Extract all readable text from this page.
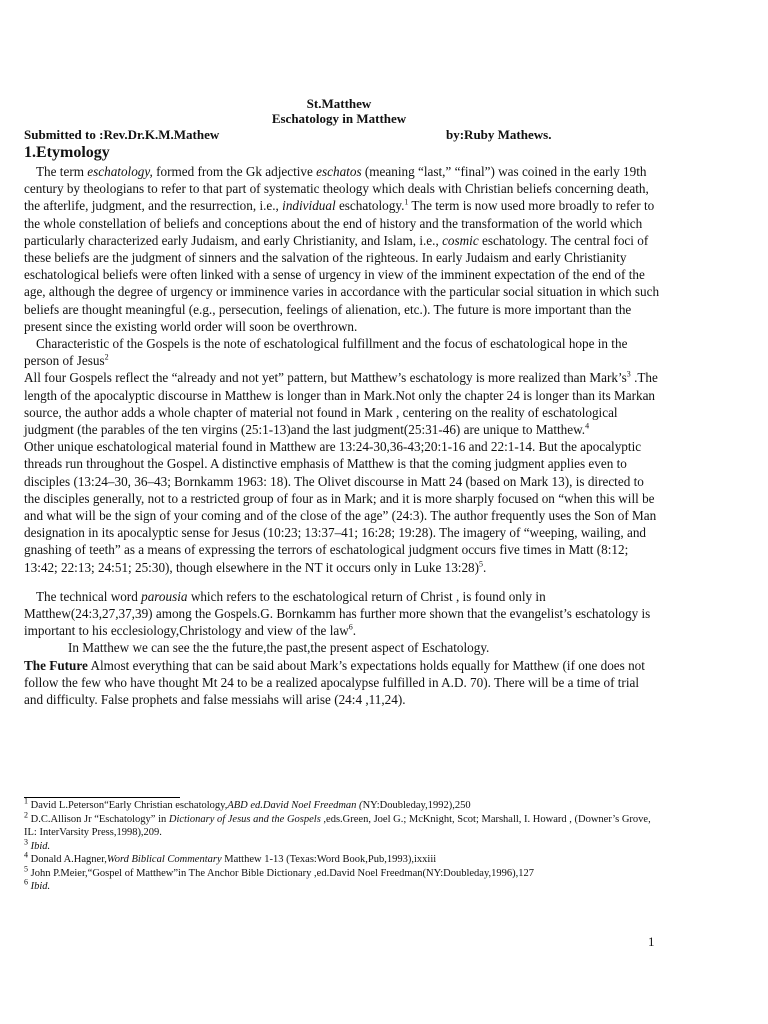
St.Matthew
Eschatology in Matthew
Submitted to :Rev.Dr.K.M.Mathew	by:Ruby Mathews.
1.Etymology

The term eschatology, formed from the Gk adjective eschatos (meaning “last,” “final”) was coined in the early 19th century by theologians to refer to that part of systematic theology which deals with Christian beliefs concerning death, the afterlife, judgment, and the resurrection, i.e., individual eschatology.$^1$ The term is now used more broadly to refer to the whole constellation of beliefs and conceptions about the end of history and the transformation of the world which particularly characterized early Judaism, and early Christianity, and Islam, i.e., cosmic eschatology. The central foci of these beliefs are the judgment of sinners and the salvation of the righteous. In early Judaism and early Christianity eschatological beliefs were often linked with a sense of urgency in view of the imminent expectation of the end of the age, although the degree of urgency or imminence varies in accordance with the particular social situation in which such beliefs are thought meaningful (e.g., persecution, feelings of alienation, etc.). The future is more important than the present since the existing world order will soon be overthrown.

Characteristic of the Gospels is the note of eschatological fulfillment and the focus of eschatological hope in the person of Jesus$^2$

All four Gospels reflect the “already and not yet” pattern, but Matthew’s eschatology is more realized than $Mark’s^3$ .The length of the apocalyptic discourse in Matthew is longer than in Mark.Not only the chapter 24 is longer than its Markan source, the author adds a whole chapter of material not found in Mark , centering on the reality of eschatological judgment (the parables of the ten virgins (25:1-13)and the last judgment(25:31-46) are unique to Matthew.$^4$

Other unique eschatological material found in Matthew are 13:24-30,36-43;20:1-16 and 22:1-14. But the apocalyptic threads run throughout the Gospel. A distinctive emphasis of Matthew is that the coming judgment applies even to disciples (13:24–30, 36–43; Bornkamm 1963: 18). The Olivet discourse in Matt 24 (based on Mark 13), is directed to the disciples generally, not to a restricted group of four as in Mark; and it is more sharply focused on “when this will be and what will be the sign of your coming and of the close of the age” (24:3). The author frequently uses the Son of Man designation in its apocalyptic sense for Jesus (10:23; 13:37–41; 16:28; 19:28). The imagery of “weeping, wailing, and gnashing of teeth” as a means of expressing the terrors of eschatological judgment occurs five times in Matt (8:12; 13:42; 22:13; 24:51; 25:30), though elsewhere in the NT it occurs only in Luke 13:28)$^5$.

The technical word parousia which refers to the eschatological return of Christ , is found only in Matthew(24:3,27,37,39) among the Gospels.G. Bornkamm has further more shown that the evangelist’s eschatology is important to his ecclesiology,Christology and view of the law$^6$.

In Matthew we can see the the future,the past,the present aspect of Eschatology.

The Future Almost everything that can be said about Mark’s expectations holds equally for Matthew (if one does not follow the few who have thought Mt 24 to be a realized apocalypse fulfilled in A.D. 70). There will be a time of trial and difficulty. False prophets and false messiahs will arise (24:4 ,11,24).

$^1$ David L.Peterson“Early Christian eschatology,ABD ed.David Noel Freedman (NY:Doubleday,1992),250

$^2$ D.C.Allison Jr “Eschatology” in Dictionary of Jesus and the Gospels ,eds.Green, Joel G.; McKnight, Scot; Marshall, I. Howard , (Downer’s Grove, IL: InterVarsity Press,1998),209.

$^3$ Ibid.

$^4$ Donald A.Hagner,Word Biblical Commentary Matthew 1-13 (Texas:Word Book,Pub,1993),ixxiii

$^5$ John P.Meier,“Gospel of Matthew”in The Anchor Bible Dictionary ,ed.David Noel Freedman(NY:Doubleday,1996),127

$^6$ Ibid.

1
